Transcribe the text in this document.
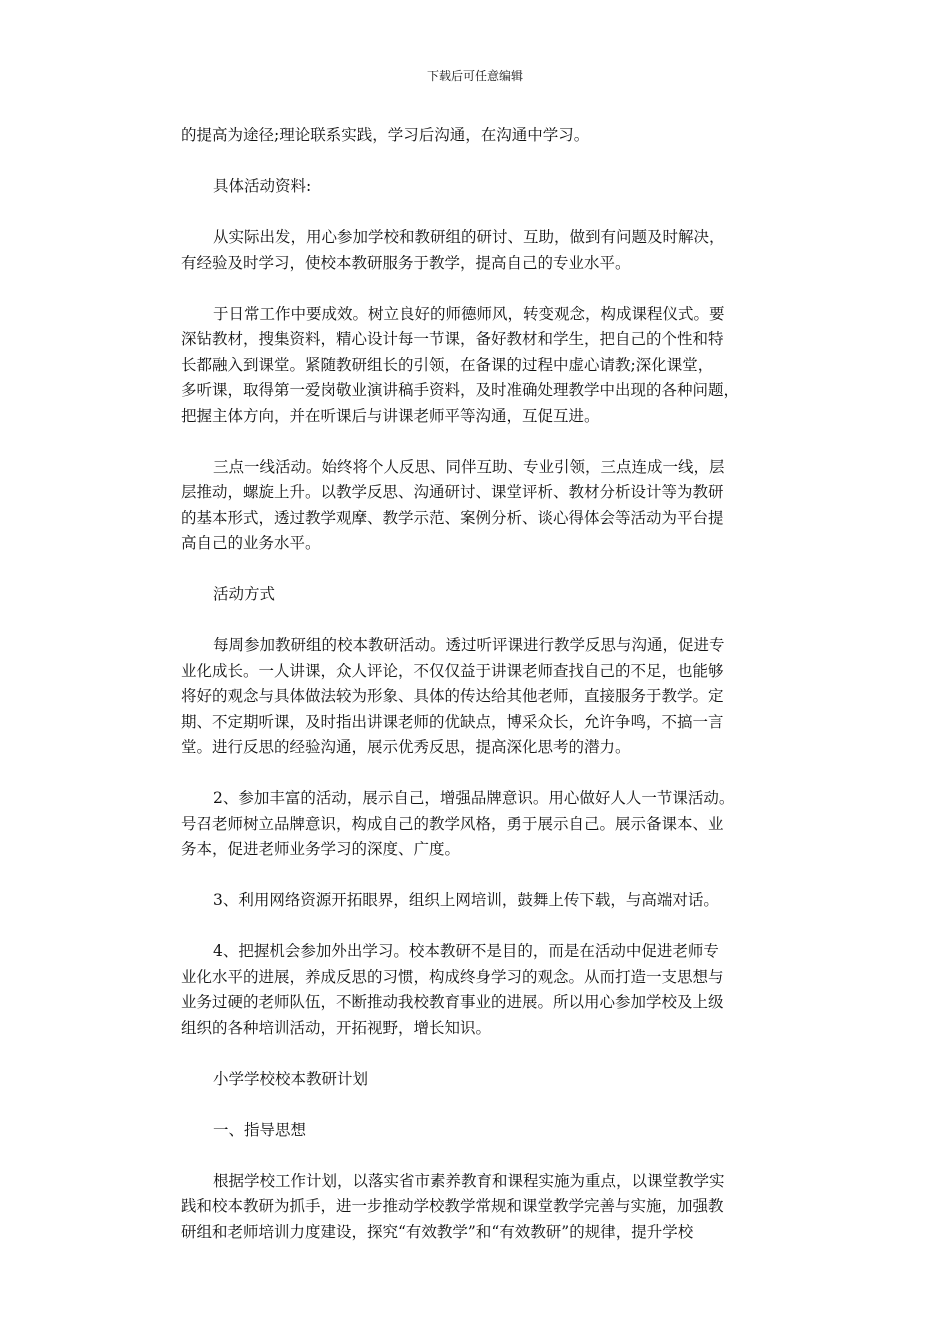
下载后可任意编辑

的提高为途径;理论联系实践，学习后沟通，在沟通中学习。

具体活动资料:

从实际出发，用心参加学校和教研组的研讨、互助，做到有问题及时解决，
有经验及时学习，使校本教研服务于教学，提高自己的专业水平。

于日常工作中要成效。树立良好的师德师风，转变观念，构成课程仪式。要
深钻教材，搜集资料，精心设计每一节课，备好教材和学生，把自己的个性和特
长都融入到课堂。紧随教研组长的引领，在备课的过程中虚心请教;深化课堂，
多听课，取得第一爱岗敬业演讲稿手资料，及时准确处理教学中出现的各种问题，
把握主体方向，并在听课后与讲课老师平等沟通，互促互进。

三点一线活动。始终将个人反思、同伴互助、专业引领，三点连成一线，层
层推动，螺旋上升。以教学反思、沟通研讨、课堂评析、教材分析设计等为教研
的基本形式，透过教学观摩、教学示范、案例分析、谈心得体会等活动为平台提
高自己的业务水平。

活动方式

每周参加教研组的校本教研活动。透过听评课进行教学反思与沟通，促进专
业化成长。一人讲课，众人评论，不仅仅益于讲课老师查找自己的不足，也能够
将好的观念与具体做法较为形象、具体的传达给其他老师，直接服务于教学。定
期、不定期听课，及时指出讲课老师的优缺点，博采众长，允许争鸣，不搞一言
堂。进行反思的经验沟通，展示优秀反思，提高深化思考的潜力。

2、参加丰富的活动，展示自己，增强品牌意识。用心做好人人一节课活动。
号召老师树立品牌意识，构成自己的教学风格，勇于展示自己。展示备课本、业
务本，促进老师业务学习的深度、广度。

3、利用网络资源开拓眼界，组织上网培训，鼓舞上传下载，与高端对话。

4、把握机会参加外出学习。校本教研不是目的，而是在活动中促进老师专
业化水平的进展，养成反思的习惯，构成终身学习的观念。从而打造一支思想与
业务过硬的老师队伍，不断推动我校教育事业的进展。所以用心参加学校及上级
组织的各种培训活动，开拓视野，增长知识。

小学学校校本教研计划

一、指导思想

根据学校工作计划，以落实省市素养教育和课程实施为重点，以课堂教学实
践和校本教研为抓手，进一步推动学校教学常规和课堂教学完善与实施，加强教
研组和老师培训力度建设，探究“有效教学”和“有效教研”的规律，提升学校
